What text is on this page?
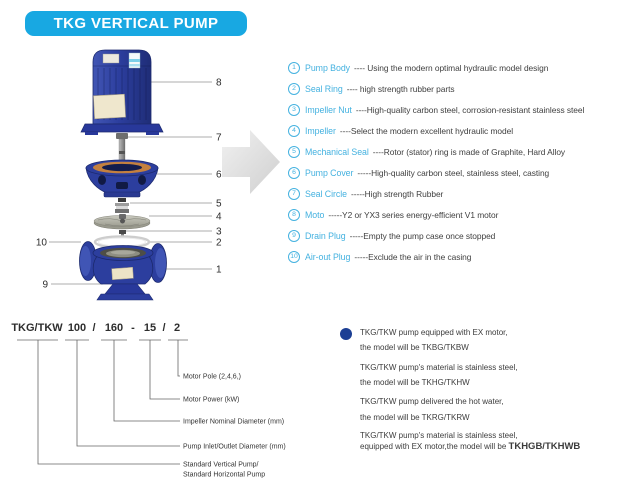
TKG VERTICAL PUMP
8
7
6
5
4
3
2
1
10
9
1	Pump Body ---- Using the modern optimal hydraulic model design
2	Seal Ring ---- high strength rubber parts
3	Impeller Nut ----High-quality carbon steel, corrosion-resistant stainless steel
4	Impeller ----Select the modern excellent hydraulic model
5	Mechanical Seal ----Rotor (stator) ring is made of Graphite, Hard Alloy
6	Pump Cover -----High-quality carbon steel, stainless steel, casting
7	Seal Circle -----High strength Rubber
8	Moto -----Y2 or YX3 series energy-efficient V1 motor
9	Drain Plug -----Empty the pump case once stopped
10 Air-out Plug -----Exclude the air in the casing
TKG/TKW 100 / 160 - 15 / 2
Motor Pole (2,4,6,)
Motor Power (kW)
Impeller Nominal Diameter (mm)
Pump Inlet/Outlet Diameter (mm)
Standard Vertical Pump/
Standard Horizontal Pump
TKG/TKW pump equipped with EX motor,
the model will be TKBG/TKBW
TKG/TKW pump's material is stainless steel,
the model will be TKHG/TKHW
TKG/TKW pump delivered the hot water,
the model will be TKRG/TKRW
TKG/TKW pump's material is stainless steel,
equipped with EX motor,the model will be TKHGB/TKHWB
